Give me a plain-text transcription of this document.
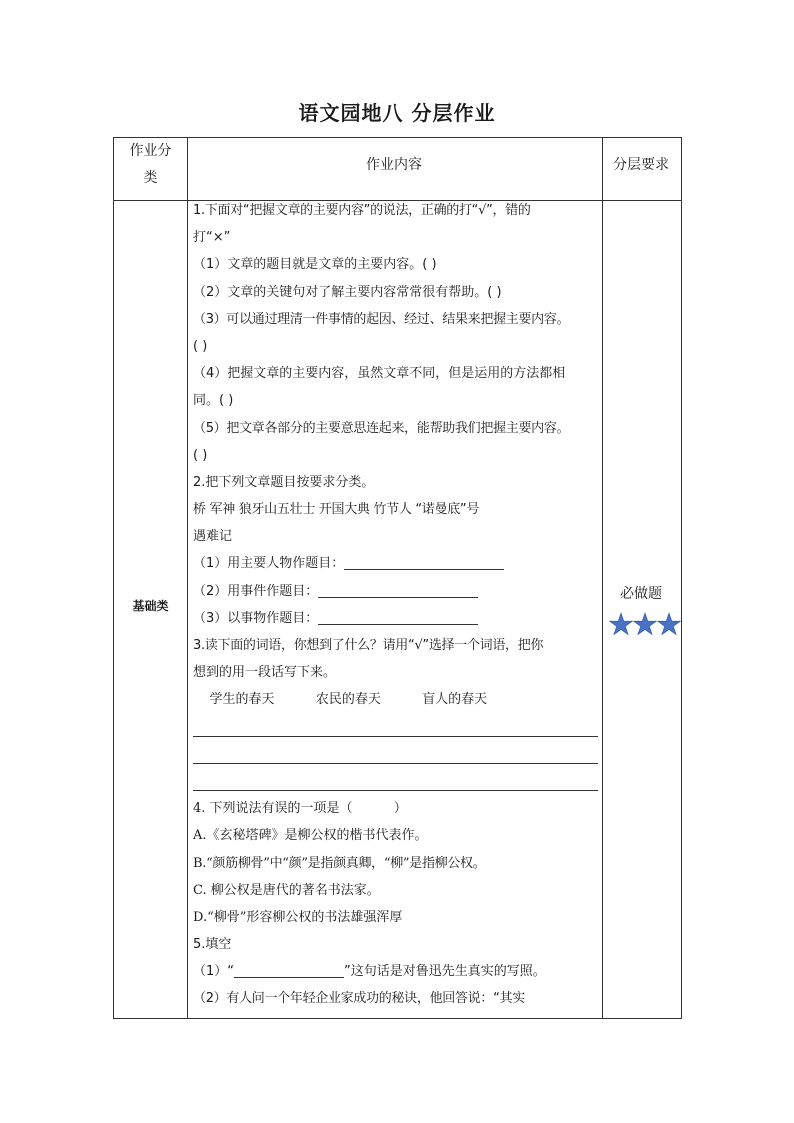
语文园地八 分层作业
作业分
类
作业内容	分层要求
基础类
必做题
1.下面对“把握文章的主要内容”的说法，正确的打“√”，错的
打“×”
（1）文章的题目就是文章的主要内容。( )
（2）文章的关键句对了解主要内容常常很有帮助。( )
（3）可以通过理清一件事情的起因、经过、结果来把握主要内容。
( )
（4）把握文章的主要内容，虽然文章不同，但是运用的方法都相
同。( )
（5）把文章各部分的主要意思连起来，能帮助我们把握主要内容。
( )
2.把下列文章题目按要求分类。
桥 军神 狼牙山五壮士 开国大典 竹节人 “诺曼底”号
遇难记
（1）用主要人物作题目：
（2）用事件作题目：
（3）以事物作题目：
3.读下面的词语，你想到了什么？请用“√”选择一个词语，把你
想到的用一段话写下来。
学生的春天          农民的春天          盲人的春天
4. 下列说法有误的一项是（          ）
A.《玄秘塔碑》是柳公权的楷书代表作。
B.“颜筋柳骨”中“颜”是指颜真卿，“柳”是指柳公权。
C. 柳公权是唐代的著名书法家。
D.“柳骨”形容柳公权的书法雄强浑厚
5.填空
（1）“	”这句话是对鲁迅先生真实的写照。
（2）有人问一个年轻企业家成功的秘诀，他回答说：“其实
